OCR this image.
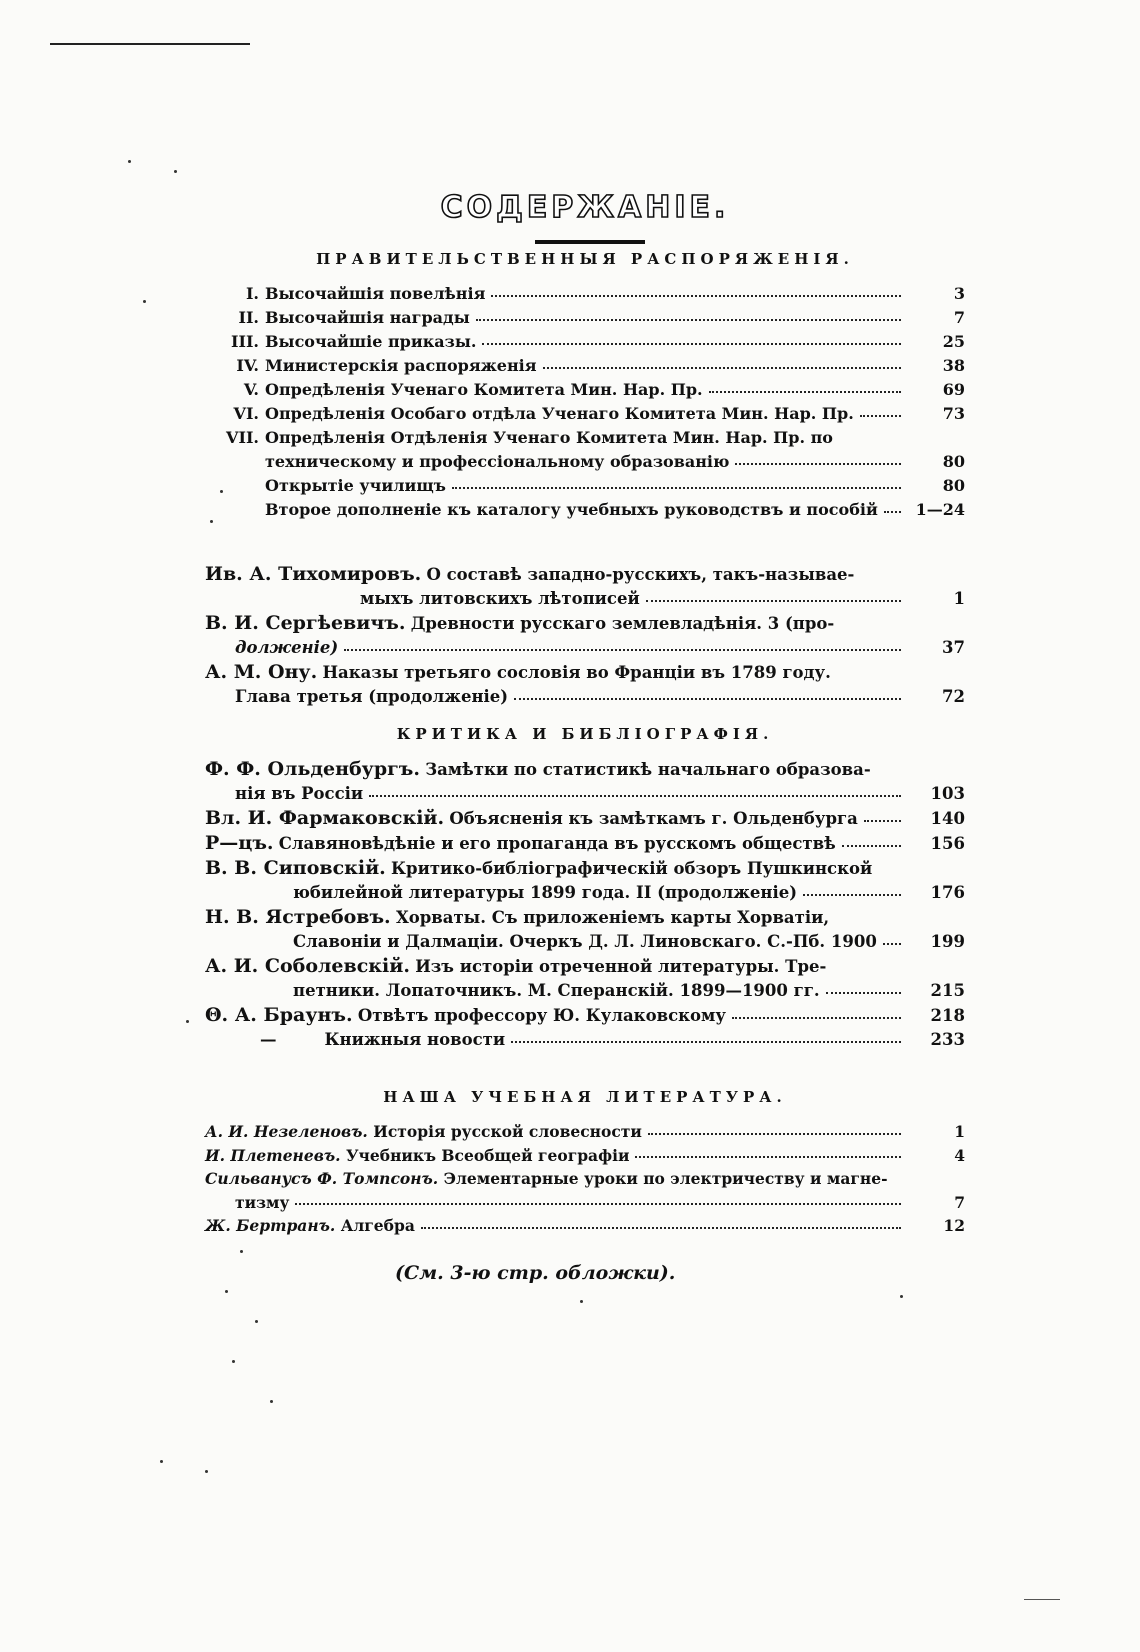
СОДЕРЖАНІЕ.

ПРАВИТЕЛЬСТВЕННЫЯ РАСПОРЯЖЕНІЯ.

I. Высочайшія повелѣнія	3
II. Высочайшія награды	7
III. Высочайшіе приказы.	25
IV. Министерскія распоряженія	38
V. Опредѣленія Ученаго Комитета Мин. Нар. Пр.	69
VI. Опредѣленія Особаго отдѣла Ученаго Комитета Мин. Нар. Пр.	73
VII. Опредѣленія Отдѣленія Ученаго Комитета Мин. Нар. Пр. по
техническому и профессіональному образованію	80
Открытіе училищъ	80
Второе дополненіе къ каталогу учебныхъ руководствъ и пособій	1—24
Ив. А. Тихомировъ.
О составѣ западно-русскихъ, такъ-называе-
мыхъ литовскихъ лѣтописей	1
В. И. Сергѣевичъ.
Древности русскаго землевладѣнія. 3 (про-
долженіе)	37
А. М. Ону.
Наказы третьяго сословія во Франціи въ 1789 году.
Глава третья (продолженіе)	72

КРИТИКА И БИБЛІОГРАФІЯ.

Ф. Ф. Ольденбургъ.
Замѣтки по статистикѣ начальнаго образова-
нія въ Россіи	103
Вл. И. Фармаковскій.
Объясненія къ замѣткамъ г. Ольденбурга	140
Р—цъ.
Славяновѣдѣніе и его пропаганда въ русскомъ обществѣ	156
В. В. Сиповскій.
Критико-библіографическій обзоръ Пушкинской
юбилейной литературы 1899 года. II (продолженіе)	176
Н. В. Ястребовъ.
Хорваты. Съ приложеніемъ карты Хорватіи,
Славоніи и Далмаціи. Очеркъ Д. Л. Линовскаго. С.-Пб. 1900	199
А. И. Соболевскій.
Изъ исторіи отреченной литературы. Тре-
петники. Лопаточникъ. М. Сперанскій. 1899—1900 гг.	215
Θ. А. Браунъ.
Отвѣтъ профессору Ю. Кулаковскому	218
—	Книжныя новости	233

НАША УЧЕБНАЯ ЛИТЕРАТУРА.

А. И. Незеленовъ.
Исторія русской словесности	1
И. Плетеневъ.
Учебникъ Всеобщей географіи	4
Сильванусъ Ф. Томпсонъ.
Элементарные уроки по электричеству и магне-
тизму	7
Ж. Бертранъ.
Алгебра	12
(См. 3-ю стр. обложки).
